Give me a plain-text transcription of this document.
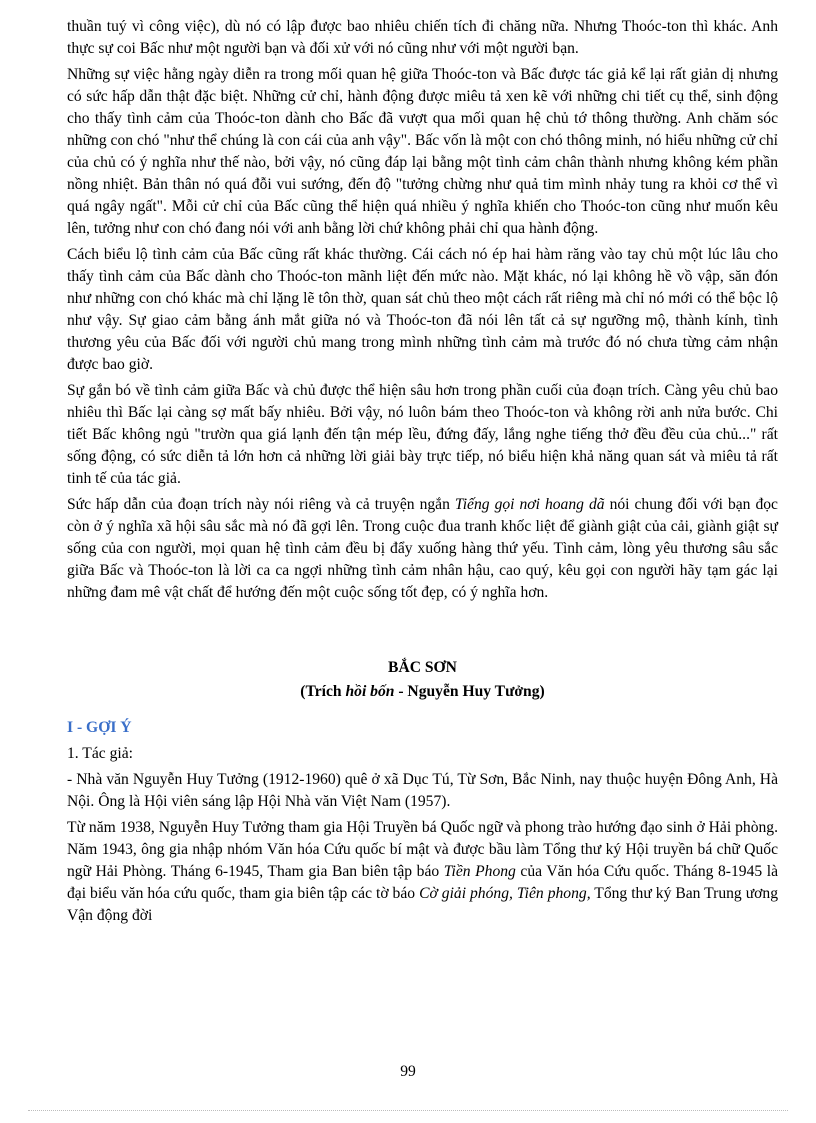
thuần tuý vì công việc), dù nó có lập được bao nhiêu chiến tích đi chăng nữa. Nhưng Thoóc-ton thì khác. Anh thực sự coi Bấc như một người bạn và đối xử với nó cũng như với một người bạn.

Những sự việc hằng ngày diễn ra trong mối quan hệ giữa Thoóc-ton và Bấc được tác giả kể lại rất giản dị nhưng có sức hấp dẫn thật đặc biệt. Những cử chỉ, hành động được miêu tả xen kẽ với những chi tiết cụ thể, sinh động cho thấy tình cảm của Thoóc-ton dành cho Bấc đã vượt qua mối quan hệ chủ tớ thông thường. Anh chăm sóc những con chó "như thể chúng là con cái của anh vậy". Bấc vốn là một con chó thông minh, nó hiểu những cử chỉ của chủ có ý nghĩa như thế nào, bởi vậy, nó cũng đáp lại bằng một tình cảm chân thành nhưng không kém phần nồng nhiệt. Bản thân nó quá đỗi vui sướng, đến độ "tưởng chừng như quả tim mình nhảy tung ra khỏi cơ thể vì quá ngây ngất". Mỗi cử chỉ của Bấc cũng thể hiện quá nhiều ý nghĩa khiến cho Thoóc-ton cũng như muốn kêu lên, tưởng như con chó đang nói với anh bằng lời chứ không phải chỉ qua hành động.

Cách biểu lộ tình cảm của Bấc cũng rất khác thường. Cái cách nó ép hai hàm răng vào tay chủ một lúc lâu cho thấy tình cảm của Bấc dành cho Thoóc-ton mãnh liệt đến mức nào. Mặt khác, nó lại không hề vồ vập, săn đón như những con chó khác mà chỉ lặng lẽ tôn thờ, quan sát chủ theo một cách rất riêng mà chỉ nó mới có thể bộc lộ như vậy. Sự giao cảm bằng ánh mắt giữa nó và Thoóc-ton đã nói lên tất cả sự ngưỡng mộ, thành kính, tình thương yêu của Bấc đối với người chủ mang trong mình những tình cảm mà trước đó nó chưa từng cảm nhận được bao giờ.

Sự gắn bó về tình cảm giữa Bấc và chủ được thể hiện sâu hơn trong phần cuối của đoạn trích. Càng yêu chủ bao nhiêu thì Bấc lại càng sợ mất bấy nhiêu. Bởi vậy, nó luôn bám theo Thoóc-ton và không rời anh nửa bước. Chi tiết Bấc không ngủ "trườn qua giá lạnh đến tận mép lều, đứng đấy, lắng nghe tiếng thở đều đều của chủ..." rất sống động, có sức diễn tả lớn hơn cả những lời giải bày trực tiếp, nó biểu hiện khả năng quan sát và miêu tả rất tinh tế của tác giả.

Sức hấp dẫn của đoạn trích này nói riêng và cả truyện ngắn Tiếng gọi nơi hoang dã nói chung đối với bạn đọc còn ở ý nghĩa xã hội sâu sắc mà nó đã gợi lên. Trong cuộc đua tranh khốc liệt để giành giật của cải, giành giật sự sống của con người, mọi quan hệ tình cảm đều bị đẩy xuống hàng thứ yếu. Tình cảm, lòng yêu thương sâu sắc giữa Bấc và Thoóc-ton là lời ca ca ngợi những tình cảm nhân hậu, cao quý, kêu gọi con người hãy tạm gác lại những đam mê vật chất để hướng đến một cuộc sống tốt đẹp, có ý nghĩa hơn.

BẮC SƠN

(Trích hồi bốn - Nguyễn Huy Tưởng)

I - GỢI Ý

1. Tác giả:

- Nhà văn Nguyễn Huy Tưởng (1912-1960) quê ở xã Dục Tú, Từ Sơn, Bắc Ninh, nay thuộc huyện Đông Anh, Hà Nội. Ông là Hội viên sáng lập Hội Nhà văn Việt Nam (1957).

Từ năm 1938, Nguyễn Huy Tưởng tham gia Hội Truyền bá Quốc ngữ và phong trào hướng đạo sinh ở Hải phòng. Năm 1943, ông gia nhập nhóm Văn hóa Cứu quốc bí mật và được bầu làm Tổng thư ký Hội truyền bá chữ Quốc ngữ Hải Phòng. Tháng 6-1945, Tham gia Ban biên tập báo Tiền Phong của Văn hóa Cứu quốc. Tháng 8-1945 là đại biểu văn hóa cứu quốc, tham gia biên tập các tờ báo Cờ giải phóng, Tiên phong, Tổng thư ký Ban Trung ương Vận động đời

99
